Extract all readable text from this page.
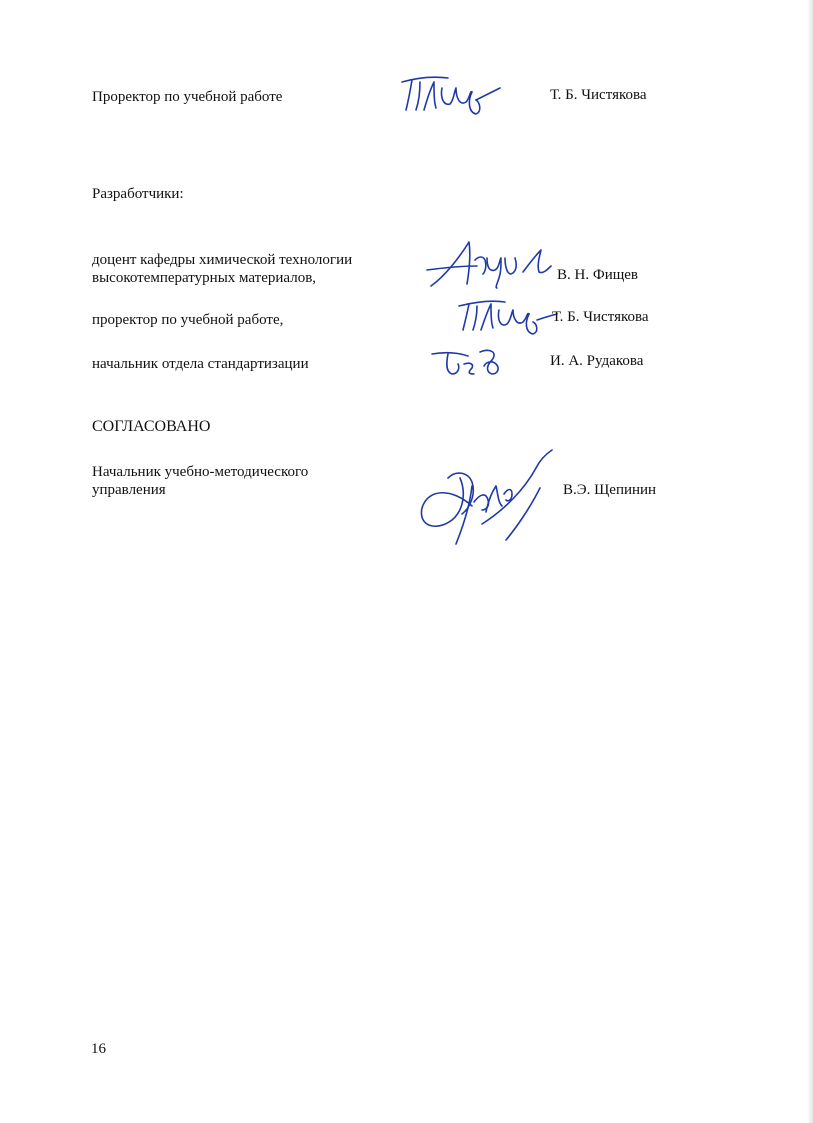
Проректор по учебной работе	Т. Б. Чистякова
Разработчики:
доцент кафедры химической технологии
высокотемпературных материалов,	В. Н. Фищев
проректор по учебной работе,	Т. Б. Чистякова
начальник отдела стандартизации	И. А. Рудакова
СОГЛАСОВАНО
Начальник учебно-методического
управления	В.Э. Щепинин
16
